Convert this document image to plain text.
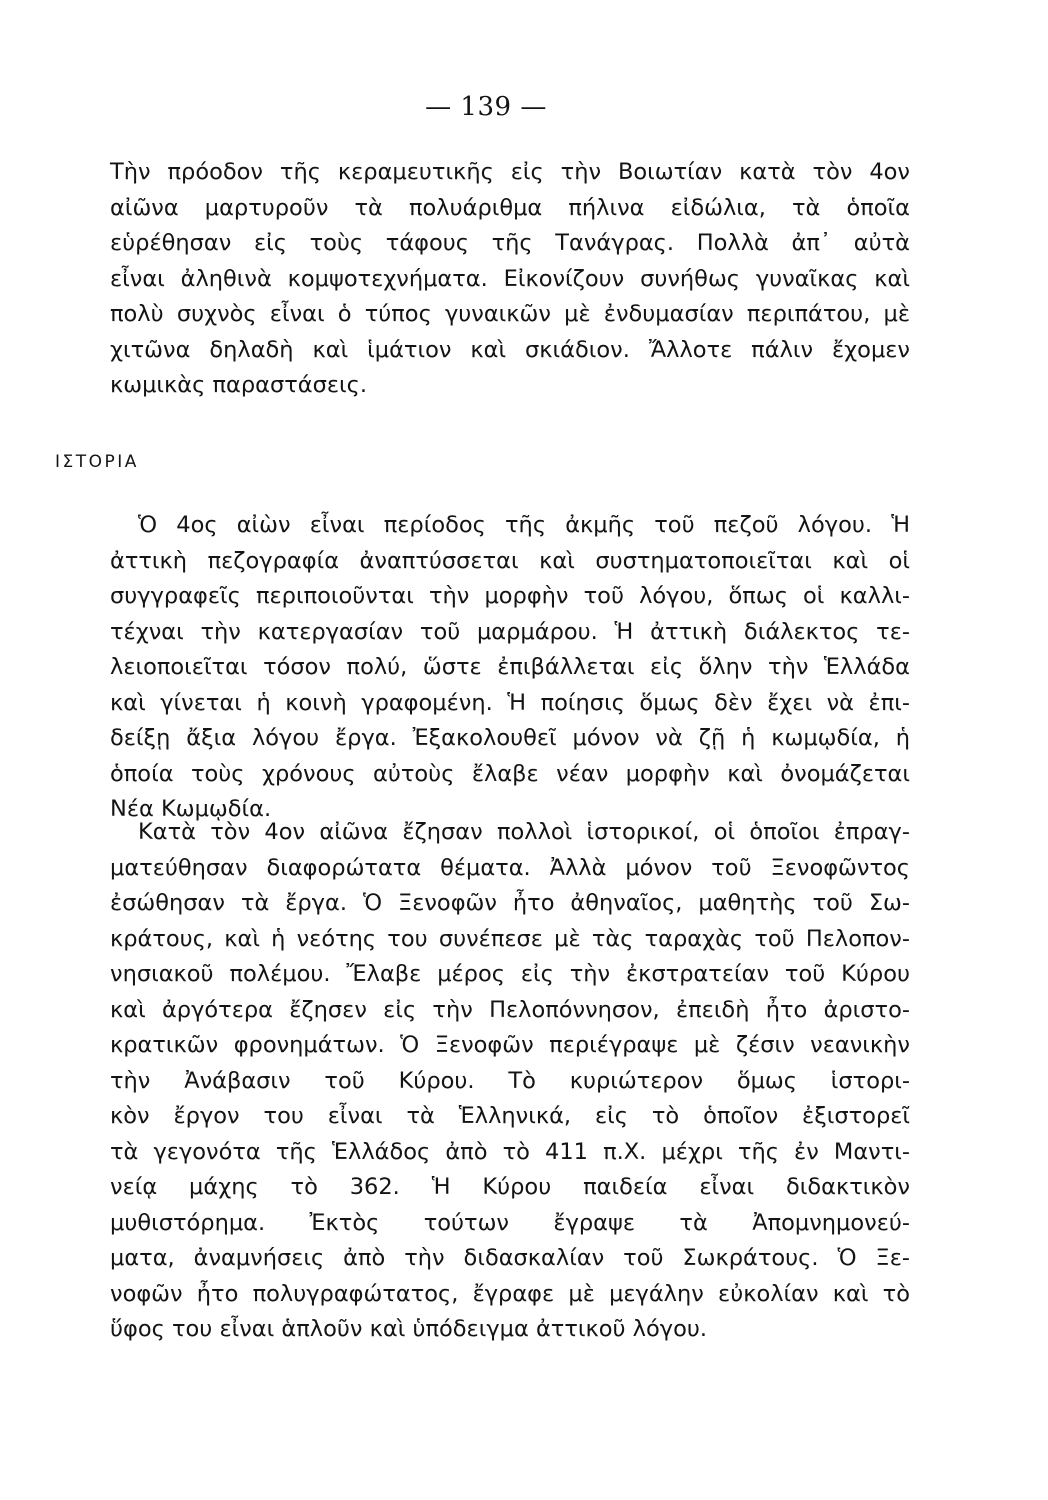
— 139 —
Τὴν πρόοδον τῆς κεραμευτικῆς εἰς τὴν Βοιωτίαν κατὰ τὸν 4ον
αἰῶνα μαρτυροῦν τὰ πολυάριθμα πήλινα εἰδώλια, τὰ ὁποῖα
εὑρέθησαν εἰς τοὺς τάφους τῆς Τανάγρας. Πολλὰ ἀπ᾿ αὐτὰ
εἶναι ἀληθινὰ κομψοτεχνήματα. Εἰκονίζουν συνήθως γυναῖκας καὶ
πολὺ συχνὸς εἶναι ὁ τύπος γυναικῶν μὲ ἐνδυμασίαν περιπάτου, μὲ
χιτῶνα δηλαδὴ καὶ ἱμάτιον καὶ σκιάδιον. Ἄλλοτε πάλιν ἔχομεν
κωμικὰς παραστάσεις.
ΙΣΤΟΡΙΑ
Ὁ 4ος αἰὼν εἶναι περίοδος τῆς ἀκμῆς τοῦ πεζοῦ λόγου. Ἡ
ἀττικὴ πεζογραφία ἀναπτύσσεται καὶ συστηματοποιεῖται καὶ οἱ
συγγραφεῖς περιποιοῦνται τὴν μορφὴν τοῦ λόγου, ὅπως οἱ καλλι-
τέχναι τὴν κατεργασίαν τοῦ μαρμάρου. Ἡ ἀττικὴ διάλεκτος τε-
λειοποιεῖται τόσον πολύ, ὥστε ἐπιβάλλεται εἰς ὅλην τὴν Ἑλλάδα
καὶ γίνεται ἡ κοινὴ γραφομένη. Ἡ ποίησις ὅμως δὲν ἔχει νὰ ἐπι-
δείξῃ ἄξια λόγου ἔργα. Ἐξακολουθεῖ μόνον νὰ ζῇ ἡ κωμῳδία, ἡ
ὁποία τοὺς χρόνους αὐτοὺς ἔλαβε νέαν μορφὴν καὶ ὀνομάζεται
Νέα Κωμῳδία.
Κατὰ τὸν 4ον αἰῶνα ἔζησαν πολλοὶ ἱστορικοί, οἱ ὁποῖοι ἐπραγ-
ματεύθησαν διαφορώτατα θέματα. Ἀλλὰ μόνον τοῦ Ξενοφῶντος
ἐσώθησαν τὰ ἔργα. Ὁ Ξενοφῶν ἦτο ἀθηναῖος, μαθητὴς τοῦ Σω-
κράτους, καὶ ἡ νεότης του συνέπεσε μὲ τὰς ταραχὰς τοῦ Πελοπον-
νησιακοῦ πολέμου. Ἔλαβε μέρος εἰς τὴν ἐκστρατείαν τοῦ Κύρου
καὶ ἀργότερα ἔζησεν εἰς τὴν Πελοπόννησον, ἐπειδὴ ἦτο ἀριστο-
κρατικῶν φρονημάτων. Ὁ Ξενοφῶν περιέγραψε μὲ ζέσιν νεανικὴν
τὴν Ἀνάβασιν τοῦ Κύρου. Τὸ κυριώτερον ὅμως ἱστορι-
κὸν ἔργον του εἶναι τὰ Ἑλληνικά, εἰς τὸ ὁποῖον ἐξιστορεῖ
τὰ γεγονότα τῆς Ἑλλάδος ἀπὸ τὸ 411 π.Χ. μέχρι τῆς ἐν Μαντι-
νείᾳ μάχης τὸ 362. Ἡ Κύρου παιδεία εἶναι διδακτικὸν
μυθιστόρημα. Ἐκτὸς τούτων ἔγραψε τὰ Ἀπομνημονεύ-
ματα, ἀναμνήσεις ἀπὸ τὴν διδασκαλίαν τοῦ Σωκράτους. Ὁ Ξε-
νοφῶν ἦτο πολυγραφώτατος, ἔγραφε μὲ μεγάλην εὐκολίαν καὶ τὸ
ὕφος του εἶναι ἁπλοῦν καὶ ὑπόδειγμα ἀττικοῦ λόγου.
